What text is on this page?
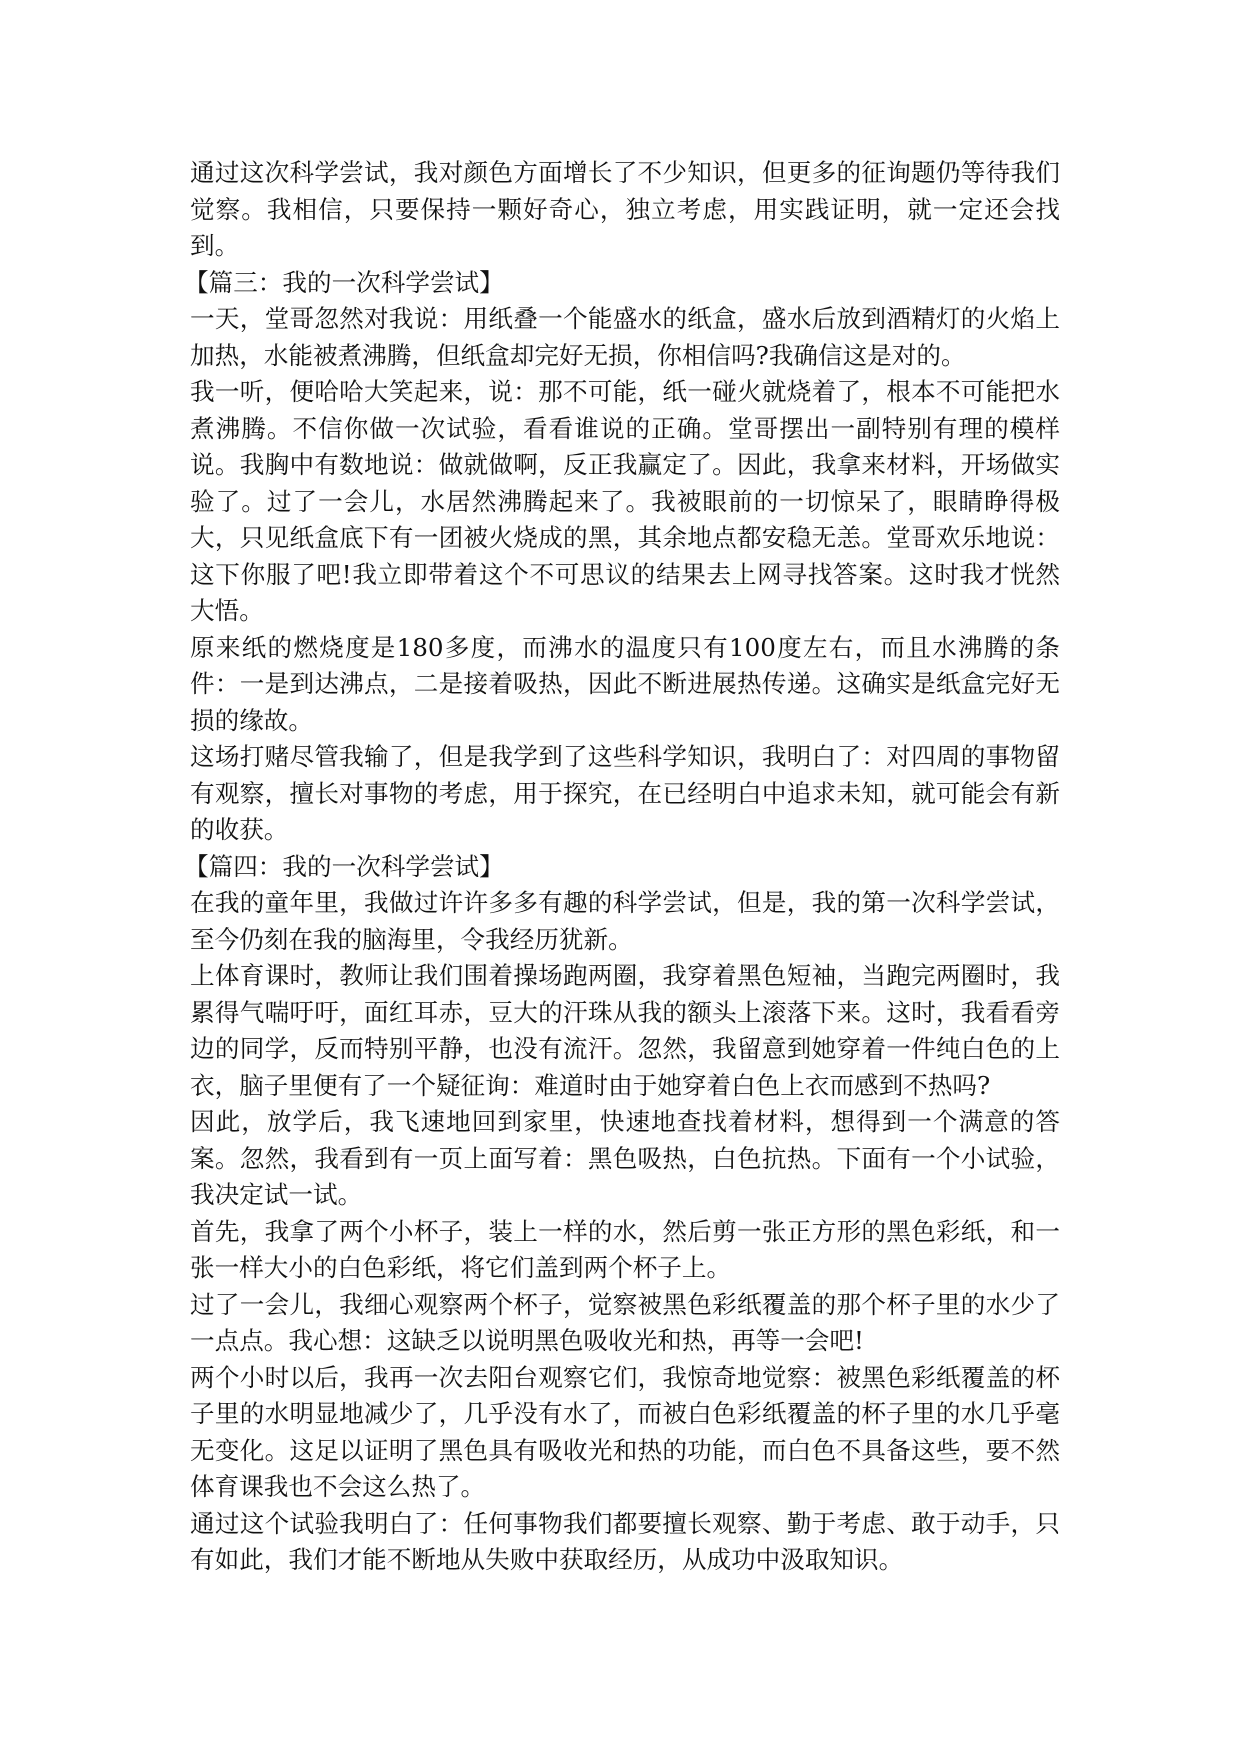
通过这次科学尝试，我对颜色方面增长了不少知识，但更多的征询题仍等待我们觉察。我相信，只要保持一颗好奇心，独立考虑，用实践证明，就一定还会找到。

【篇三：我的一次科学尝试】

一天，堂哥忽然对我说：用纸叠一个能盛水的纸盒，盛水后放到酒精灯的火焰上加热，水能被煮沸腾，但纸盒却完好无损，你相信吗?我确信这是对的。

我一听，便哈哈大笑起来，说：那不可能，纸一碰火就烧着了，根本不可能把水煮沸腾。不信你做一次试验，看看谁说的正确。堂哥摆出一副特别有理的模样说。我胸中有数地说：做就做啊，反正我赢定了。因此，我拿来材料，开场做实验了。过了一会儿，水居然沸腾起来了。我被眼前的一切惊呆了，眼睛睁得极大，只见纸盒底下有一团被火烧成的黑，其余地点都安稳无恙。堂哥欢乐地说：这下你服了吧!我立即带着这个不可思议的结果去上网寻找答案。这时我才恍然大悟。

原来纸的燃烧度是180多度，而沸水的温度只有100度左右，而且水沸腾的条件：一是到达沸点，二是接着吸热，因此不断进展热传递。这确实是纸盒完好无损的缘故。

这场打赌尽管我输了，但是我学到了这些科学知识，我明白了：对四周的事物留有观察，擅长对事物的考虑，用于探究，在已经明白中追求未知，就可能会有新的收获。

【篇四：我的一次科学尝试】

在我的童年里，我做过许许多多有趣的科学尝试，但是，我的第一次科学尝试，至今仍刻在我的脑海里，令我经历犹新。

上体育课时，教师让我们围着操场跑两圈，我穿着黑色短袖，当跑完两圈时，我累得气喘吁吁，面红耳赤，豆大的汗珠从我的额头上滚落下来。这时，我看看旁边的同学，反而特别平静，也没有流汗。忽然，我留意到她穿着一件纯白色的上衣，脑子里便有了一个疑征询：难道时由于她穿着白色上衣而感到不热吗?

因此，放学后，我飞速地回到家里，快速地查找着材料，想得到一个满意的答案。忽然，我看到有一页上面写着：黑色吸热，白色抗热。下面有一个小试验，我决定试一试。

首先，我拿了两个小杯子，装上一样的水，然后剪一张正方形的黑色彩纸，和一张一样大小的白色彩纸，将它们盖到两个杯子上。

过了一会儿，我细心观察两个杯子，觉察被黑色彩纸覆盖的那个杯子里的水少了一点点。我心想：这缺乏以说明黑色吸收光和热，再等一会吧!

两个小时以后，我再一次去阳台观察它们，我惊奇地觉察：被黑色彩纸覆盖的杯子里的水明显地减少了，几乎没有水了，而被白色彩纸覆盖的杯子里的水几乎毫无变化。这足以证明了黑色具有吸收光和热的功能，而白色不具备这些，要不然体育课我也不会这么热了。

通过这个试验我明白了：任何事物我们都要擅长观察、勤于考虑、敢于动手，只有如此，我们才能不断地从失败中获取经历，从成功中汲取知识。
